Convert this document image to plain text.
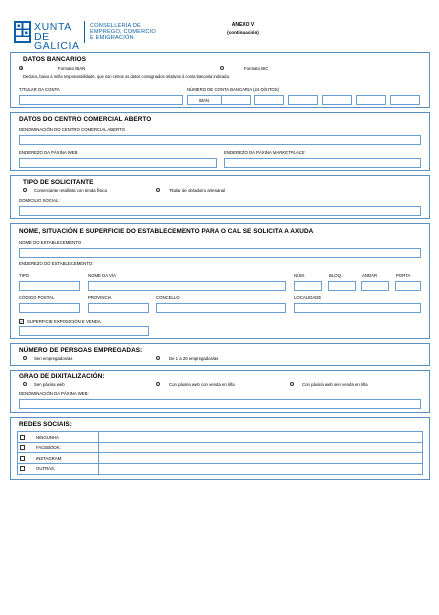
XUNTA
DE GALICIA
CONSELLERÍA DE
EMPREGO, COMERCIO
E EMIGRACIÓN
ANEXO V
(continuación)
DATOS BANCARIOS
Formato IBAN	Formato BIC
Declaro, baixo a miña responsabilidade, que son certos os datos consignados relativos á conta bancaria indicada.
TITULAR DA CONTA	NÚMERO DE CONTA BANCARIA (24 DÍXITOS)
IBAN
DATOS DO CENTRO COMERCIAL ABERTO
DENOMINACIÓN DO CENTRO COMERCIAL ABERTO
ENDEREZO DA PÁXINA WEB	ENDEREZO DA PÁXINA MARKETPLACE
TIPO DE SOLICITANTE
Comerciante retallista con tenda física	Titular de obradoiro artesanal
DOMICILIO SOCIAL:
NOME, SITUACIÓN E SUPERFICIE DO ESTABLECEMENTO PARA O CAL SE SOLICITA A AXUDA
NOME DO ESTABLECEMENTO
ENDEREZO DO ESTABLECEMENTO:
TIPO	NOME DA VÍA	NÚM.	BLOQ.	ANDAR	PORTA
CÓDIGO POSTAL	PROVINCIA	CONCELLO	LOCALIDADE
✓ SUPERFICIE EXPOSICIÓN E VENDA
NÚMERO DE PERSOAS EMPREGADAS:
Sen empregados/as	De 1 a 20 empregados/as
GRAO DE DIXITALIZACIÓN:
Sen páxina web	Con páxina web con venda en liña	Con páxina web sen venda en liña
DENOMINACIÓN DA PÁXINA WEB:
REDES SOCIAIS:
NINGUNHA
FACEBOOK:
INSTAGRAM:
OUTRAS:
